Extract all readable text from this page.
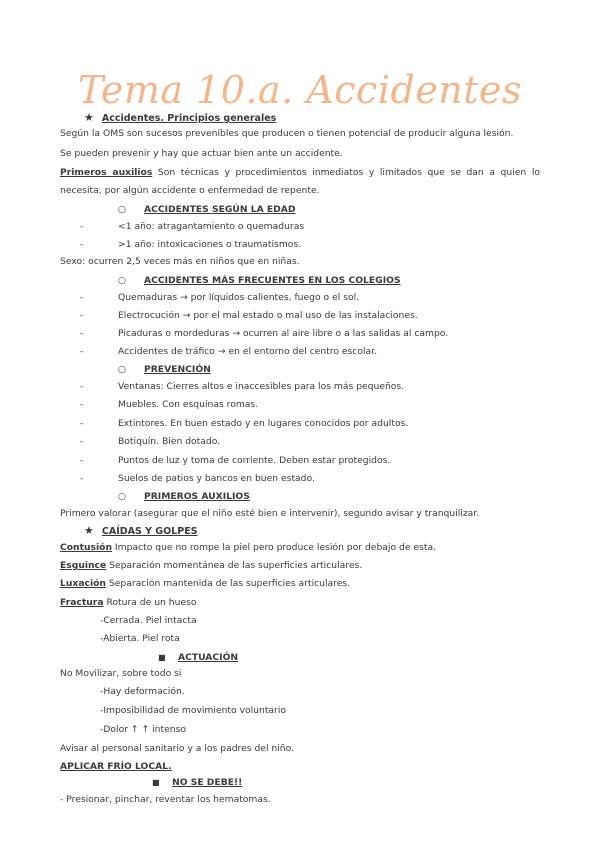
Tema 10.a. Accidentes
★ Accidentes. Principios generales
Según la OMS son sucesos prevenibles que producen o tienen potencial de producir alguna lesión.
Se pueden prevenir y hay que actuar bien ante un accidente.
Primeros auxilios Son técnicas y procedimientos inmediatos y limitados que se dan a quien lo
necesita, por algún accidente o enfermedad de repente.
○ ACCIDENTES SEGÚN LA EDAD
-	<1 año: atragantamiento o quemaduras
-	>1 año: intoxicaciones o traumatismos.
Sexo: ocurren 2,5 veces más en niños que en niñas.
○ ACCIDENTES MÁS FRECUENTES EN LOS COLEGIOS
-	Quemaduras → por líquidos calientes, fuego o el sol.
-	Electrocución → por el mal estado o mal uso de las instalaciones.
-	Picaduras o mordeduras → ocurren al aire libre o a las salidas al campo.
-	Accidentes de tráfico → en el entorno del centro escolar.
○ PREVENCIÓN
-	Ventanas: Cierres altos e inaccesibles para los más pequeños.
-	Muebles. Con esquinas romas.
-	Extintores. En buen estado y en lugares conocidos por adultos.
-	Botiquín. Bien dotado.
-	Puntos de luz y toma de corriente. Deben estar protegidos.
-	Suelos de patios y bancos en buen estado.
○ PRIMEROS AUXILIOS
Primero valorar (asegurar que el niño esté bien e intervenir), segundo avisar y tranquilizar.
★ CAÍDAS Y GOLPES
Contusión Impacto que no rompe la piel pero produce lesión por debajo de esta.
Esguince Separación momentánea de las superficies articulares.
Luxación Separación mantenida de las superficies articulares.
Fractura Rotura de un hueso
-Cerrada. Piel intacta
-Abierta. Piel rota
■ ACTUACIÓN
No Movilizar, sobre todo si
-Hay deformación.
-Imposibilidad de movimiento voluntario
-Dolor ↑ ↑ intenso
Avisar al personal sanitario y a los padres del niño.
APLICAR FRÍO LOCAL.
■ NO SE DEBE!!
- Presionar, pinchar, reventar los hematomas.
